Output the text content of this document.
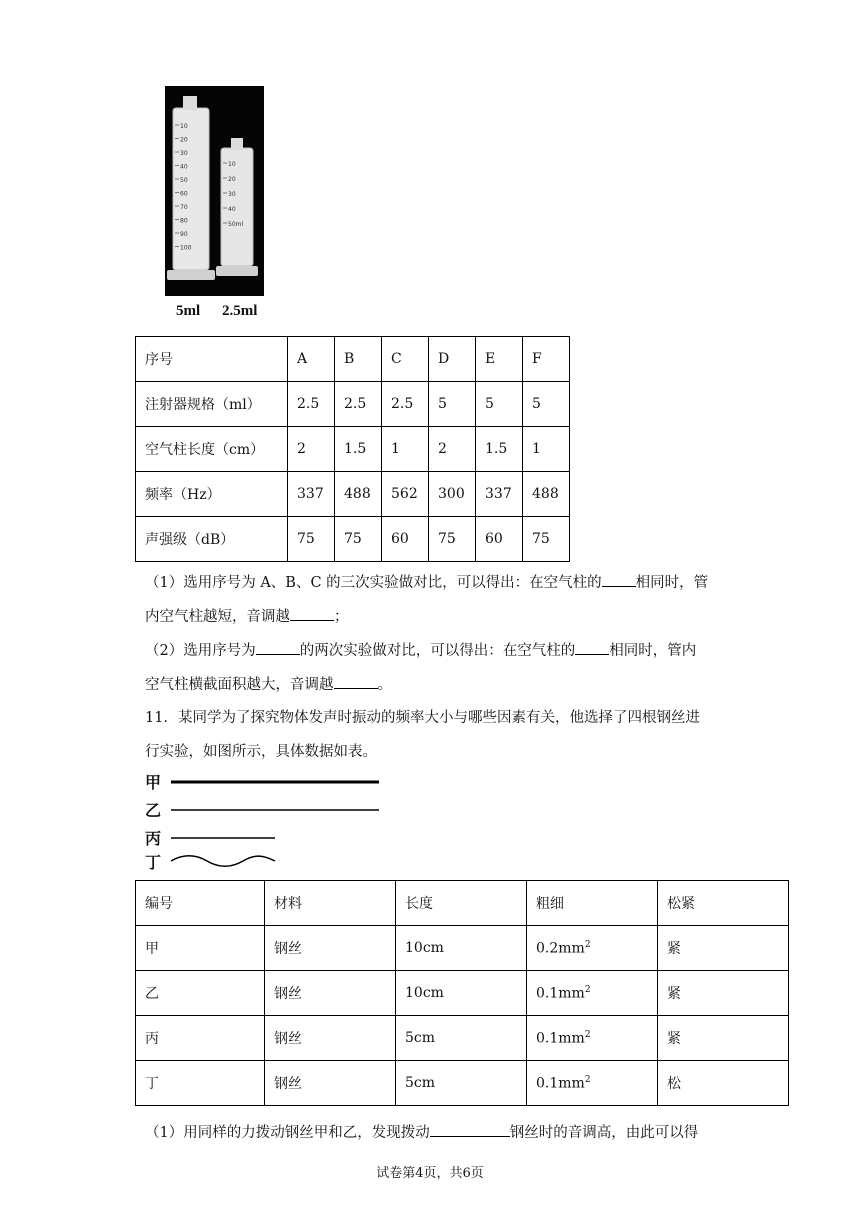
10
20
30
40
50
60
70
80
90
100
10
20
30
40
50ml
5ml 2.5ml
序号	A	B	C	D	E	F
注射器规格（ml）	2.5	2.5	2.5	5	5	5
空气柱长度（cm）	2	1.5	1	2	1.5	1
频率（Hz）	337	488	562	300	337	488
声强级（dB）	75	75	60	75	60	75
（1）选用序号为 A、B、C 的三次实验做对比，可以得出：在空气柱的 相同时，管
内空气柱越短，音调越	；
（2）选用序号为	的两次实验做对比，可以得出：在空气柱的 相同时，管内
空气柱横截面积越大，音调越	。
11．某同学为了探究物体发声时振动的频率大小与哪些因素有关，他选择了四根钢丝进
行实验，如图所示，具体数据如表。
甲
乙
丙
丁
编号	材料	长度	粗细	松紧
甲	钢丝	10cm	$0.2mm^2$	紧
乙	钢丝	10cm	$0.1mm^2$	紧
丙	钢丝	5cm	$0.1mm^2$	紧
丁	钢丝	5cm	$0.1mm^2$	松
（1）用同样的力拨动钢丝甲和乙，发现拨动	钢丝时的音调高，由此可以得
试卷第4页，共6页
